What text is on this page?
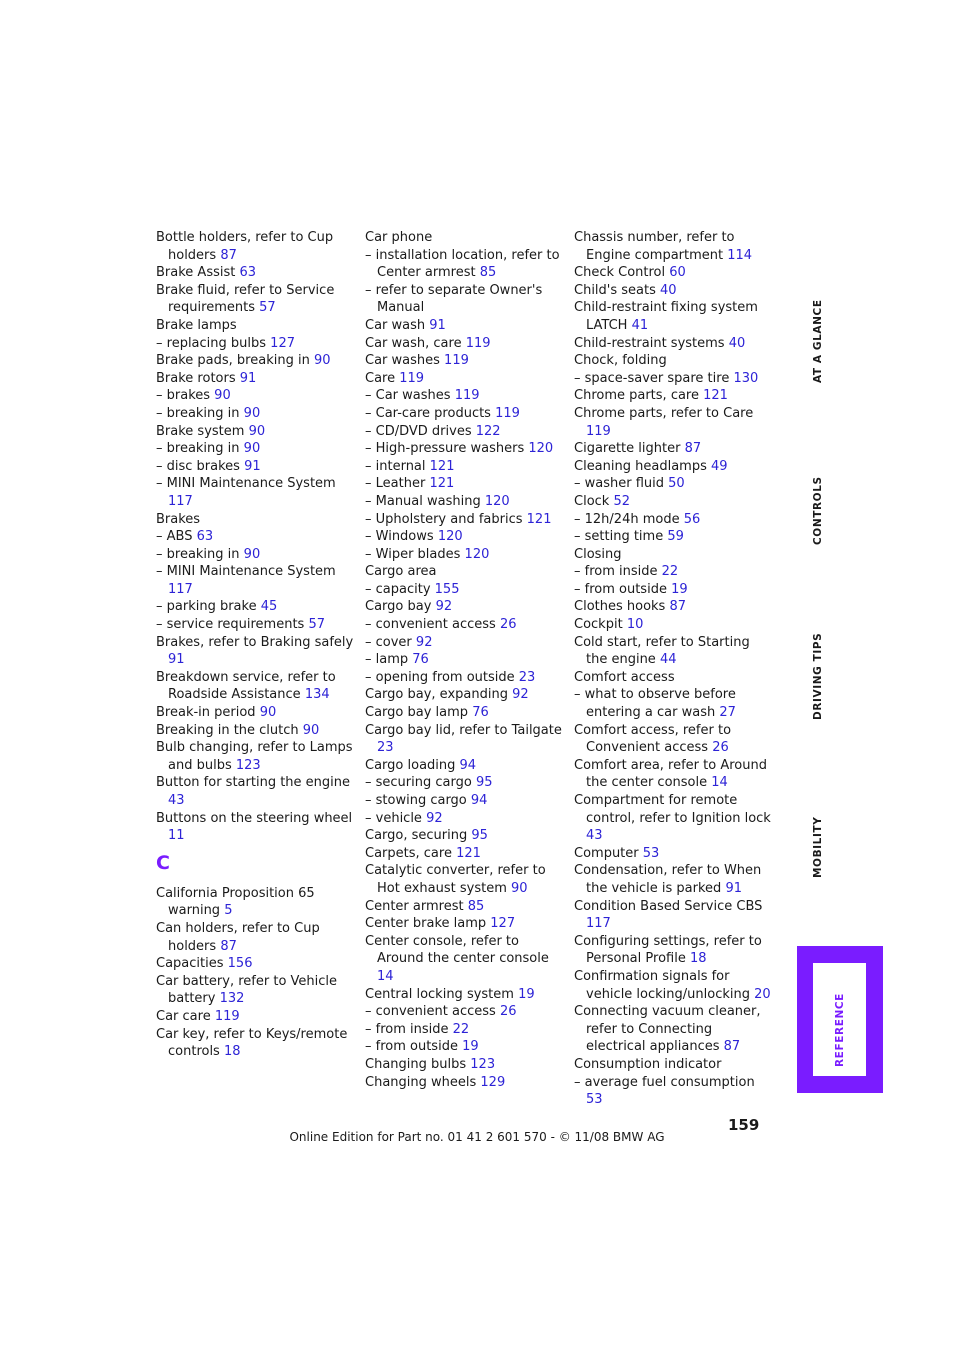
Bottle holders, refer to Cup holders 87
Brake Assist 63
Brake fluid, refer to Service requirements 57
Brake lamps
– replacing bulbs 127
Brake pads, breaking in 90
Brake rotors 91
– brakes 90
– breaking in 90
Brake system 90
– breaking in 90
– disc brakes 91
– MINI Maintenance System 117
Brakes
– ABS 63
– breaking in 90
– MINI Maintenance System 117
– parking brake 45
– service requirements 57
Brakes, refer to Braking safely 91
Breakdown service, refer to Roadside Assistance 134
Break-in period 90
Breaking in the clutch 90
Bulb changing, refer to Lamps and bulbs 123
Button for starting the engine 43
Buttons on the steering wheel 11
C
California Proposition 65 warning 5
Can holders, refer to Cup holders 87
Capacities 156
Car battery, refer to Vehicle battery 132
Car care 119
Car key, refer to Keys/remote controls 18
Car phone
– installation location, refer to Center armrest 85
– refer to separate Owner's Manual
Car wash 91
Car wash, care 119
Car washes 119
Care 119
– Car washes 119
– Car-care products 119
– CD/DVD drives 122
– High-pressure washers 120
– internal 121
– Leather 121
– Manual washing 120
– Upholstery and fabrics 121
– Windows 120
– Wiper blades 120
Cargo area
– capacity 155
Cargo bay 92
– convenient access 26
– cover 92
– lamp 76
– opening from outside 23
Cargo bay, expanding 92
Cargo bay lamp 76
Cargo bay lid, refer to Tailgate 23
Cargo loading 94
– securing cargo 95
– stowing cargo 94
– vehicle 92
Cargo, securing 95
Carpets, care 121
Catalytic converter, refer to Hot exhaust system 90
Center armrest 85
Center brake lamp 127
Center console, refer to Around the center console 14
Central locking system 19
– convenient access 26
– from inside 22
– from outside 19
Changing bulbs 123
Changing wheels 129
Chassis number, refer to Engine compartment 114
Check Control 60
Child's seats 40
Child-restraint fixing system LATCH 41
Child-restraint systems 40
Chock, folding
– space-saver spare tire 130
Chrome parts, care 121
Chrome parts, refer to Care 119
Cigarette lighter 87
Cleaning headlamps 49
– washer fluid 50
Clock 52
– 12h/24h mode 56
– setting time 59
Closing
– from inside 22
– from outside 19
Clothes hooks 87
Cockpit 10
Cold start, refer to Starting the engine 44
Comfort access
– what to observe before entering a car wash 27
Comfort access, refer to Convenient access 26
Comfort area, refer to Around the center console 14
Compartment for remote control, refer to Ignition lock 43
Computer 53
Condensation, refer to When the vehicle is parked 91
Condition Based Service CBS 117
Configuring settings, refer to Personal Profile 18
Confirmation signals for vehicle locking/unlocking 20
Connecting vacuum cleaner, refer to Connecting electrical appliances 87
Consumption indicator
– average fuel consumption 53
AT A GLANCE
CONTROLS
DRIVING TIPS
MOBILITY
REFERENCE
159
Online Edition for Part no. 01 41 2 601 570 - © 11/08 BMW AG
